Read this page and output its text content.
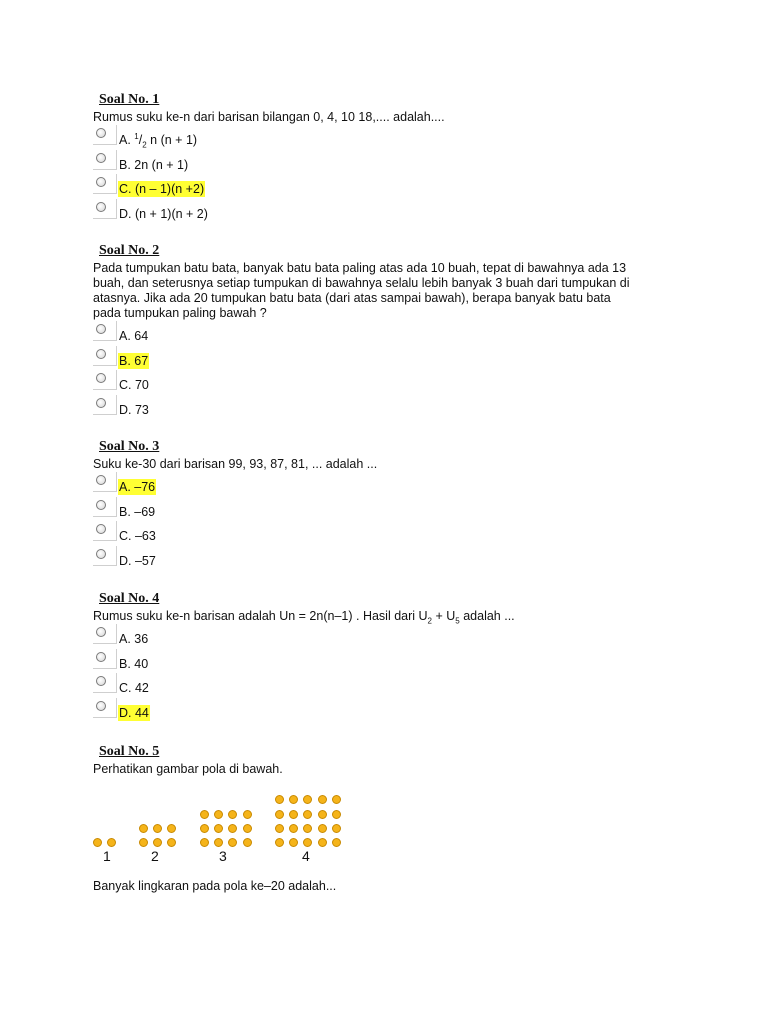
Soal No. 1
Rumus suku ke-n dari barisan bilangan 0, 4, 10 18,.... adalah....
A. $^1/_2$ n (n + 1)
B. 2n (n + 1)
C. (n – 1)(n +2)
D. (n + 1)(n + 2)
Soal No. 2
Pada tumpukan batu bata, banyak batu bata paling atas ada 10 buah, tepat di bawahnya ada 13
buah, dan seterusnya setiap tumpukan di bawahnya selalu lebih banyak 3 buah dari tumpukan di
atasnya. Jika ada 20 tumpukan batu bata (dari atas sampai bawah), berapa banyak batu bata
pada tumpukan paling bawah ?
A. 64
B. 67
C. 70
D. 73
Soal No. 3
Suku ke-30 dari barisan 99, 93, 87, 81, ... adalah ...
A. –76
B. –69
C. –63
D. –57
Soal No. 4
Rumus suku ke-n barisan adalah Un = 2n(n–1) . Hasil dari $U_2 + U_5$ adalah ...
A. 36
B. 40
C. 42
D. 44
Soal No. 5
Perhatikan gambar pola di bawah.
1	2	3	4
Banyak lingkaran pada pola ke–20 adalah...
